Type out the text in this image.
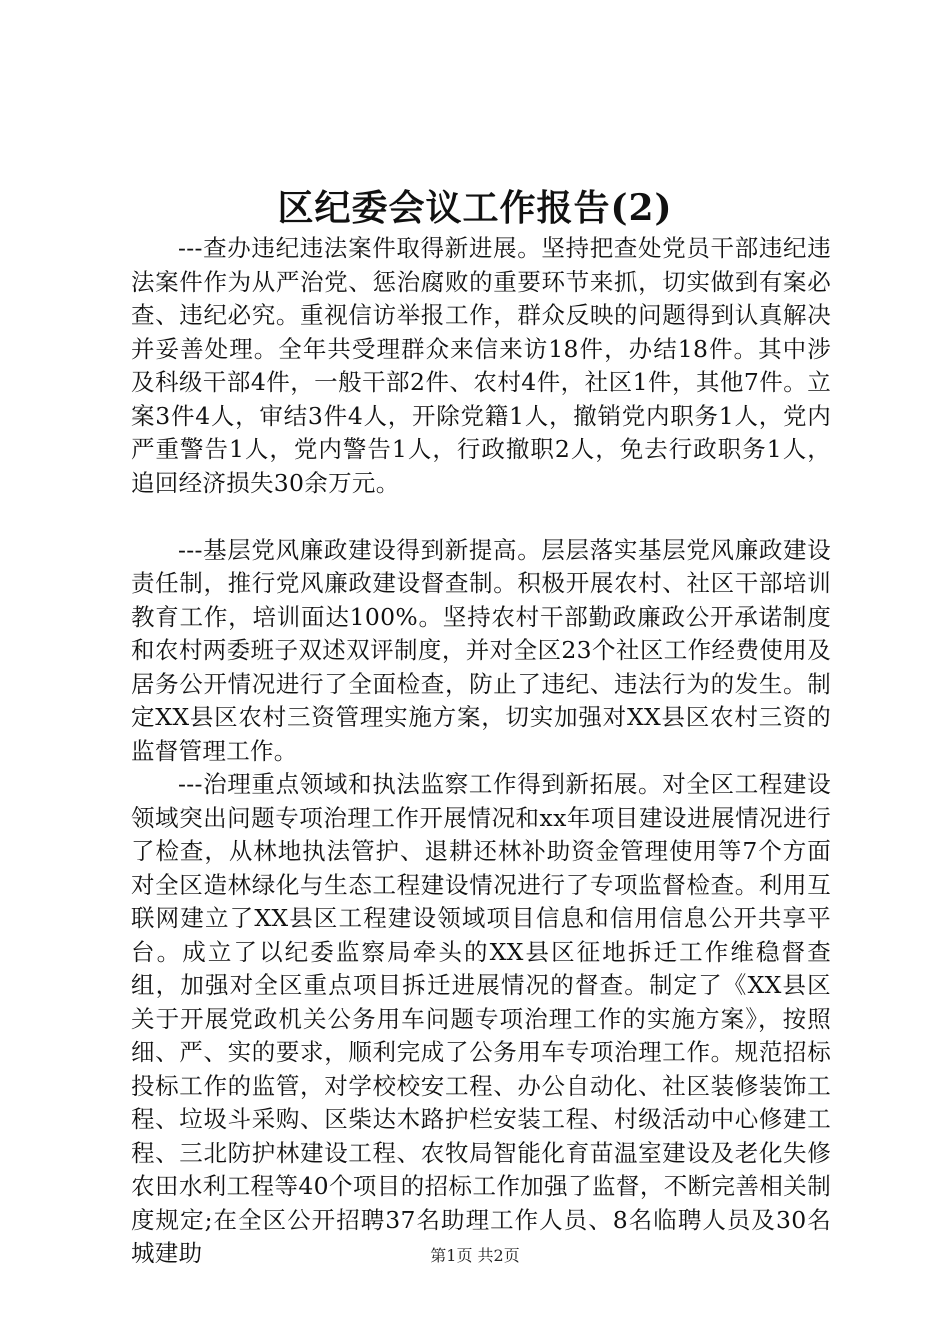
区纪委会议工作报告(2)

---查办违纪违法案件取得新进展。坚持把查处党员干部违纪违法案件作为从严治党、惩治腐败的重要环节来抓，切实做到有案必查、违纪必究。重视信访举报工作，群众反映的问题得到认真解决并妥善处理。全年共受理群众来信来访18件，办结18件。其中涉及科级干部4件，一般干部2件、农村4件，社区1件，其他7件。立案3件4人，审结3件4人，开除党籍1人，撤销党内职务1人，党内严重警告1人，党内警告1人，行政撤职2人，免去行政职务1人，追回经济损失30余万元。

---基层党风廉政建设得到新提高。层层落实基层党风廉政建设责任制，推行党风廉政建设督查制。积极开展农村、社区干部培训教育工作，培训面达100%。坚持农村干部勤政廉政公开承诺制度和农村两委班子双述双评制度，并对全区23个社区工作经费使用及居务公开情况进行了全面检查，防止了违纪、违法行为的发生。制定XX县区农村三资管理实施方案，切实加强对XX县区农村三资的监督管理工作。

---治理重点领域和执法监察工作得到新拓展。对全区工程建设领域突出问题专项治理工作开展情况和xx年项目建设进展情况进行了检查，从林地执法管护、退耕还林补助资金管理使用等7个方面对全区造林绿化与生态工程建设情况进行了专项监督检查。利用互联网建立了XX县区工程建设领域项目信息和信用信息公开共享平台。成立了以纪委监察局牵头的XX县区征地拆迁工作维稳督查组，加强对全区重点项目拆迁进展情况的督查。制定了《XX县区关于开展党政机关公务用车问题专项治理工作的实施方案》，按照细、严、实的要求，顺利完成了公务用车专项治理工作。规范招标投标工作的监管，对学校校安工程、办公自动化、社区装修装饰工程、垃圾斗采购、区柴达木路护栏安装工程、村级活动中心修建工程、三北防护林建设工程、农牧局智能化育苗温室建设及老化失修农田水利工程等40个项目的招标工作加强了监督，不断完善相关制度规定;在全区公开招聘37名助理工作人员、8名临聘人员及30名城建助	第1页 共2页
